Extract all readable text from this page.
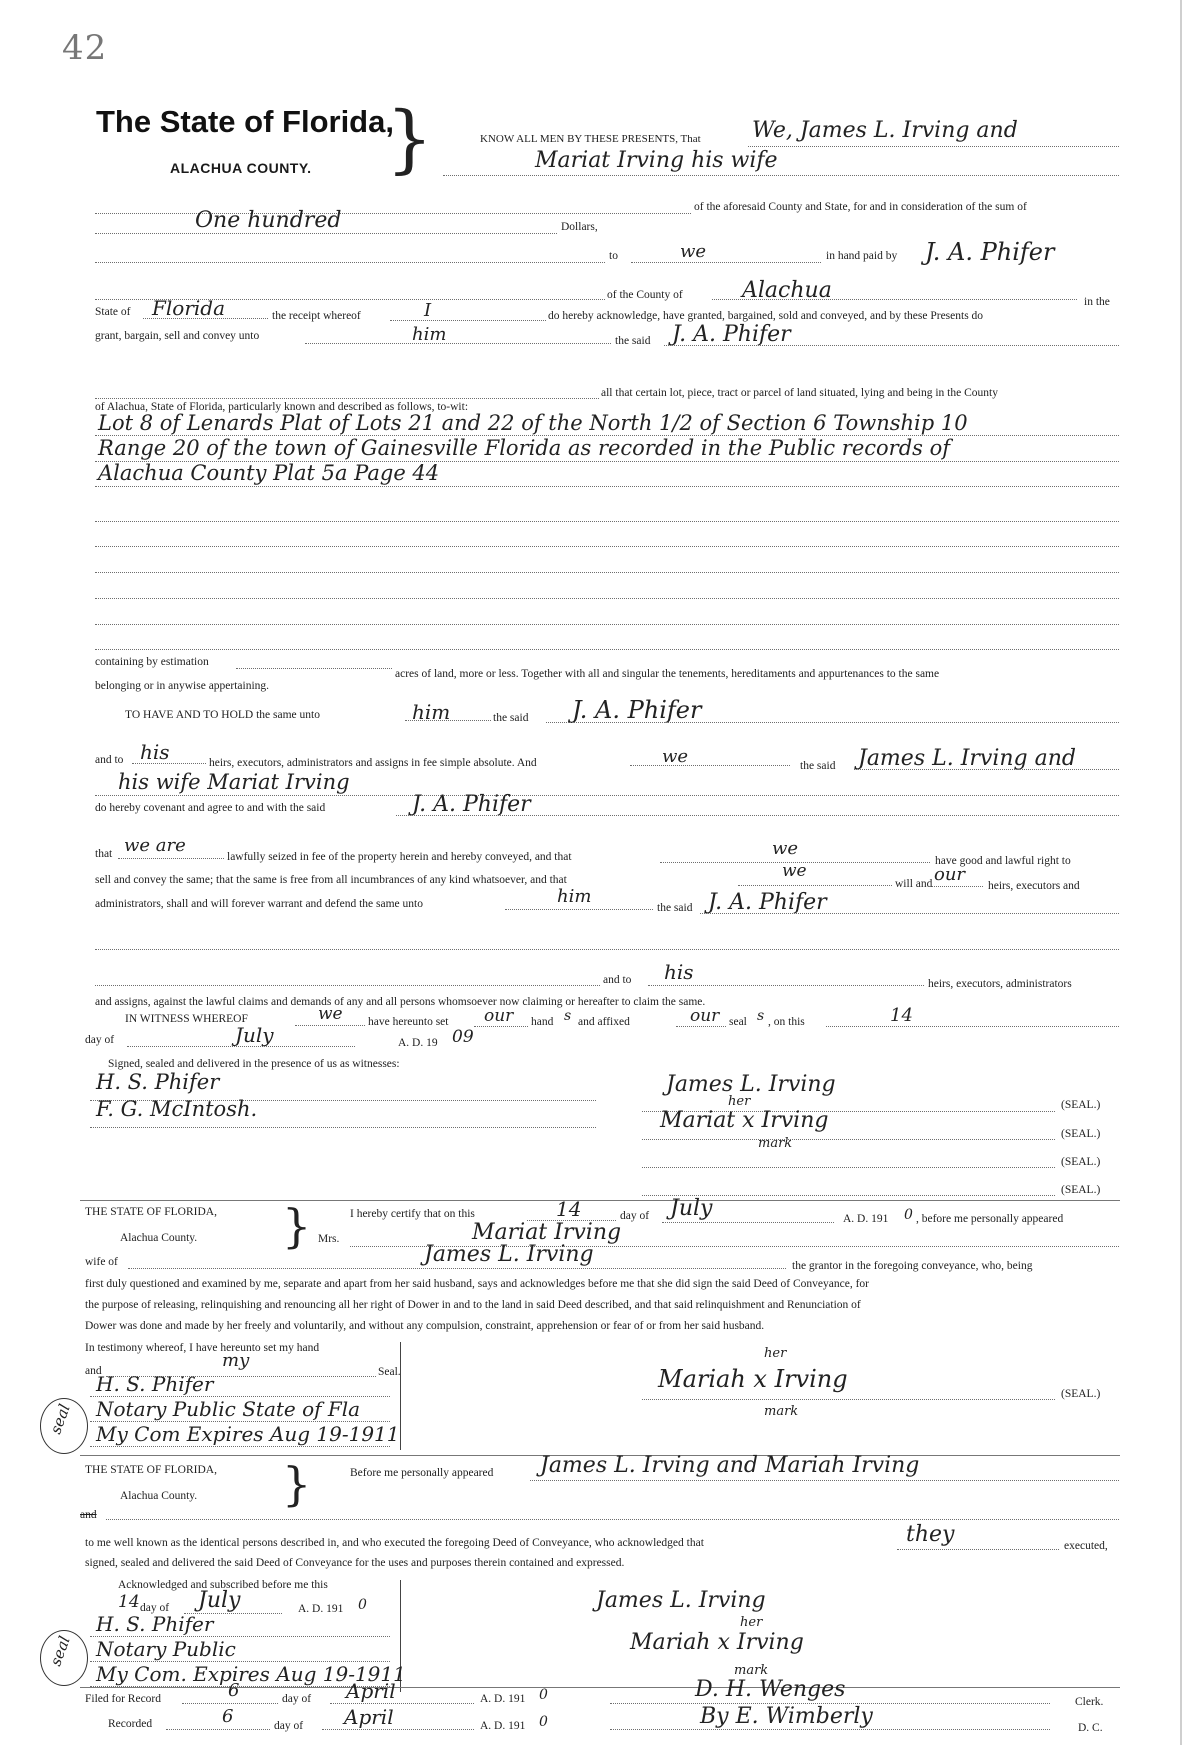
42
The State of Florida,
ALACHUA COUNTY. }	KNOW ALL MEN BY THESE PRESENTS, That We, James L. Irving and
Mariat Irving his wife
of the aforesaid County and State, for and in consideration of the sum of
One hundred	Dollars,
to	we	in hand paid by J. A. Phifer
of the County of	Alachua	in the
State of Florida	the receipt whereof	I	do hereby acknowledge, have granted, bargained, sold and conveyed, and by these Presents do
grant, bargain, sell and convey unto	him	the said J. A. Phifer
all that certain lot, piece, tract or parcel of land situated, lying and being in the County
of Alachua, State of Florida, particularly known and described as follows, to-wit:
Lot 8 of Lenards Plat of Lots 21 and 22 of the North 1/2 of Section 6 Township 10
Range 20 of the town of Gainesville Florida as recorded in the Public records of
Alachua County Plat 5a Page 44
containing by estimation
acres of land, more or less. Together with all and singular the tenements, hereditaments and appurtenances to the same
belonging or in anywise appertaining.
TO HAVE AND TO HOLD the same unto	him	the said J. A. Phifer
and to his	heirs, executors, administrators and assigns in fee simple absolute. And	we	the said James L. Irving and
his wife Mariat Irving
do hereby covenant and agree to and with the said	J. A. Phifer
that we are
lawfully seized in fee of the property herein and hereby conveyed, and that	we
have good and lawful right to
sell and convey the same; that the same is free from all incumbrances of any kind whatsoever, and that	we
will and our
heirs, executors and
administrators, shall and will forever warrant and defend the same unto	him
the said J. A. Phifer
and to his	heirs, executors, administrators
and assigns, against the lawful claims and demands of any and all persons whomsoever now claiming or hereafter to claim the same.
IN WITNESS WHEREOF	we have hereunto set our hand s and affixed	our seal s , on this	14
day of	July	A. D. 19 09
Signed, sealed and delivered in the presence of us as witnesses:
H. S. Phifer
F. G. McIntosh.
James L. Irving
(SEAL.)
her
Mariat x Irving
mark
(SEAL.)
(SEAL.)
(SEAL.)
THE STATE OF FLORIDA,
Alachua County. }	I hereby certify that on this	14	day of July	A. D. 191 0 , before me personally appeared
Mrs.	Mariat Irving
wife of	James L. Irving	the grantor in the foregoing conveyance, who, being
first duly questioned and examined by me, separate and apart from her said husband, says and acknowledges before me that she did sign the said Deed of Conveyance, for
the purpose of releasing, relinquishing and renouncing all her right of Dower in and to the land in said Deed described, and that said relinquishment and Renunciation of
Dower was done and made by her freely and voluntarily, and without any compulsion, constraint, apprehension or fear of or from her said husband.
In testimony whereof, I have hereunto set my hand
and	my
Seal.
seal
H. S. Phifer
Notary Public State of Fla
My Com Expires Aug 19-1911
her
Mariah x Irving
mark
(SEAL.)
THE STATE OF FLORIDA,
Alachua County. }	Before me personally appeared James L. Irving and Mariah Irving
and
to me well known as the identical persons described in, and who executed the foregoing Deed of Conveyance, who acknowledged that	they	executed,
signed, sealed and delivered the said Deed of Conveyance for the uses and purposes therein contained and expressed.
Acknowledged and subscribed before me this
14 day of July	A. D. 191 0
seal
H. S. Phifer
Notary Public
My Com. Expires Aug 19-1911
James L. Irving
her
Mariah x Irving
mark
Filed for Record	6	day of April	A. D. 191 0	D. H. Wenges	Clerk.
Recorded	6	day of April	A. D. 191 0	By E. Wimberly	D. C.
